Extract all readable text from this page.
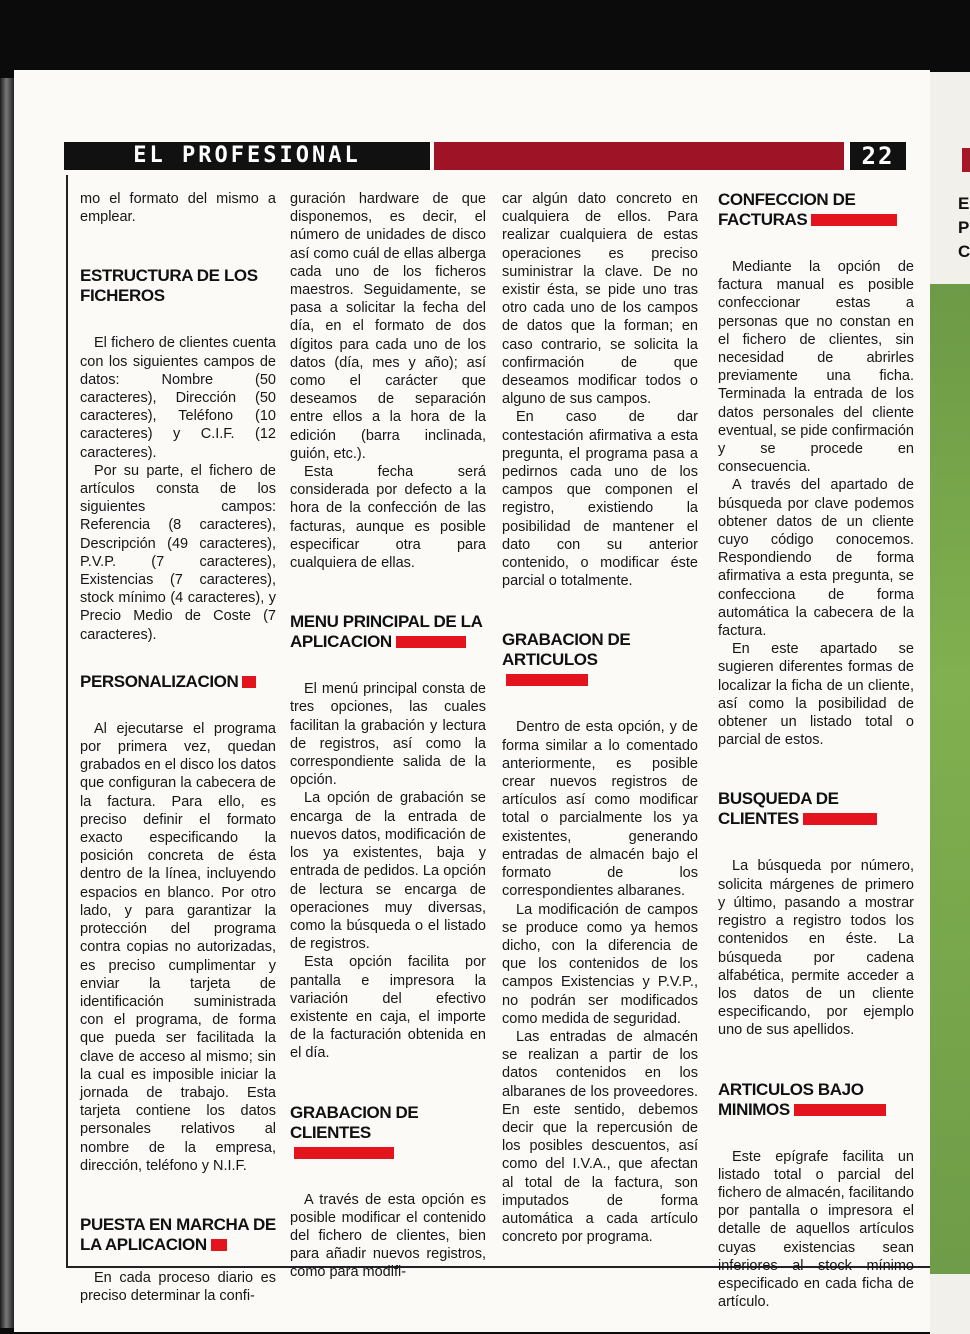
E
P
C
EL PROFESIONAL	22

mo el formato del mismo a emplear.

ESTRUCTURA DE LOS FICHEROS

El fichero de clientes cuenta con los siguientes campos de datos: Nombre (50 caracteres), Dirección (50 caracteres), Teléfono (10 caracteres) y C.I.F. (12 caracteres).

Por su parte, el fichero de artículos consta de los siguientes campos: Referencia (8 caracteres), Descripción (49 caracteres), P.V.P. (7 caracteres), Existencias (7 caracteres), stock mínimo (4 caracteres), y Precio Medio de Coste (7 caracteres).

PERSONALIZACION

Al ejecutarse el programa por primera vez, quedan grabados en el disco los datos que configuran la cabecera de la factura. Para ello, es preciso definir el formato exacto especificando la posición concreta de ésta dentro de la línea, incluyendo espacios en blanco. Por otro lado, y para garantizar la protección del programa contra copias no autorizadas, es preciso cumplimentar y enviar la tarjeta de identificación suministrada con el programa, de forma que pueda ser facilitada la clave de acceso al mismo; sin la cual es imposible iniciar la jornada de trabajo. Esta tarjeta contiene los datos personales relativos al nombre de la empresa, dirección, teléfono y N.I.F.

PUESTA EN MARCHA DE LA APLICACION

En cada proceso diario es preciso determinar la confi-

guración hardware de que disponemos, es decir, el número de unidades de disco así como cuál de ellas alberga cada uno de los ficheros maestros. Seguidamente, se pasa a solicitar la fecha del día, en el formato de dos dígitos para cada uno de los datos (día, mes y año); así como el carácter que deseamos de separación entre ellos a la hora de la edición (barra inclinada, guión, etc.).

Esta fecha será considerada por defecto a la hora de la confección de las facturas, aunque es posible especificar otra para cualquiera de ellas.

MENU PRINCIPAL DE LA APLICACION

El menú principal consta de tres opciones, las cuales facilitan la grabación y lectura de registros, así como la correspondiente salida de la opción.

La opción de grabación se encarga de la entrada de nuevos datos, modificación de los ya existentes, baja y entrada de pedidos. La opción de lectura se encarga de operaciones muy diversas, como la búsqueda o el listado de registros.

Esta opción facilita por pantalla e impresora la variación del efectivo existente en caja, el importe de la facturación obtenida en el día.

GRABACION DE CLIENTES

A través de esta opción es posible modificar el contenido del fichero de clientes, bien para añadir nuevos registros, como para modifi-

car algún dato concreto en cualquiera de ellos. Para realizar cualquiera de estas operaciones es preciso suministrar la clave. De no existir ésta, se pide uno tras otro cada uno de los campos de datos que la forman; en caso contrario, se solicita la confirmación de que deseamos modificar todos o alguno de sus campos.

En caso de dar contestación afirmativa a esta pregunta, el programa pasa a pedirnos cada uno de los campos que componen el registro, existiendo la posibilidad de mantener el dato con su anterior contenido, o modificar éste parcial o totalmente.

GRABACION DE ARTICULOS

Dentro de esta opción, y de forma similar a lo comentado anteriormente, es posible crear nuevos registros de artículos así como modificar total o parcialmente los ya existentes, generando entradas de almacén bajo el formato de los correspondientes albaranes.

La modificación de campos se produce como ya hemos dicho, con la diferencia de que los contenidos de los campos Existencias y P.V.P., no podrán ser modificados como medida de seguridad.

Las entradas de almacén se realizan a partir de los datos contenidos en los albaranes de los proveedores. En este sentido, debemos decir que la repercusión de los posibles descuentos, así como del I.V.A., que afectan al total de la factura, son imputados de forma automática a cada artículo concreto por programa.

CONFECCION DE FACTURAS

Mediante la opción de factura manual es posible confeccionar estas a personas que no constan en el fichero de clientes, sin necesidad de abrirles previamente una ficha. Terminada la entrada de los datos personales del cliente eventual, se pide confirmación y se procede en consecuencia.

A través del apartado de búsqueda por clave podemos obtener datos de un cliente cuyo código conocemos. Respondiendo de forma afirmativa a esta pregunta, se confecciona de forma automática la cabecera de la factura.

En este apartado se sugieren diferentes formas de localizar la ficha de un cliente, así como la posibilidad de obtener un listado total o parcial de estos.

BUSQUEDA DE CLIENTES

La búsqueda por número, solicita márgenes de primero y último, pasando a mostrar registro a registro todos los contenidos en éste. La búsqueda por cadena alfabética, permite acceder a los datos de un cliente especificando, por ejemplo uno de sus apellidos.

ARTICULOS BAJO MINIMOS

Este epígrafe facilita un listado total o parcial del fichero de almacén, facilitando por pantalla o impresora el detalle de aquellos artículos cuyas existencias sean inferiores al stock mínimo especificado en cada ficha de artículo.
